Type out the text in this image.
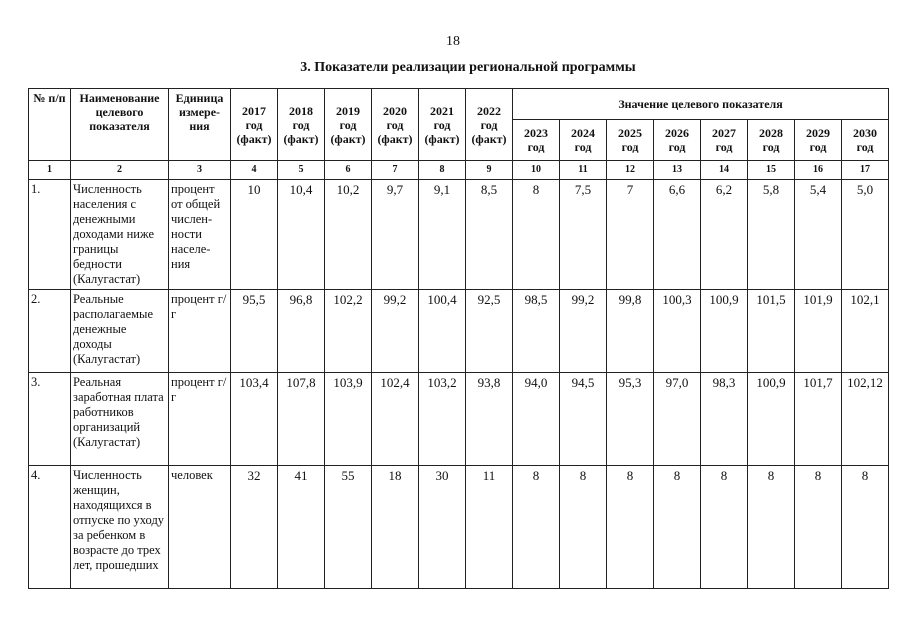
18
3. Показатели реализации региональной программы
№ п/п	Наименование целевого показателя	Единица измере-ния	2017 год (факт)	2018 год (факт)	2019 год (факт)	2020 год (факт)	2021 год (факт)	2022 год (факт)	Значение целевого показателя							
									2023 год	2024 год	2025 год	2026 год	2027 год	2028 год	2029 год	2030 год
1	2	3	4	5	6	7	8	9	10	11	12	13	14	15	16	17
1.	Численность населения с денежными доходами ниже границы бедности (Калугастат)	процент от общей числен-ности населе-ния	10	10,4	10,2	9,7	9,1	8,5	8	7,5	7	6,6	6,2	5,8	5,4	5,0
2.	Реальные располагаемые денежные доходы (Калугастат)	процент г/г	95,5	96,8	102,2	99,2	100,4	92,5	98,5	99,2	99,8	100,3	100,9	101,5	101,9	102,1
3.	Реальная заработная плата работников организаций (Калугастат)	процент г/г	103,4	107,8	103,9	102,4	103,2	93,8	94,0	94,5	95,3	97,0	98,3	100,9	101,7	102,12
4.	Численность женщин, находящихся в отпуске по уходу за ребенком в возрасте до трех лет, прошедших	человек	32	41	55	18	30	11	8	8	8	8	8	8	8	8
